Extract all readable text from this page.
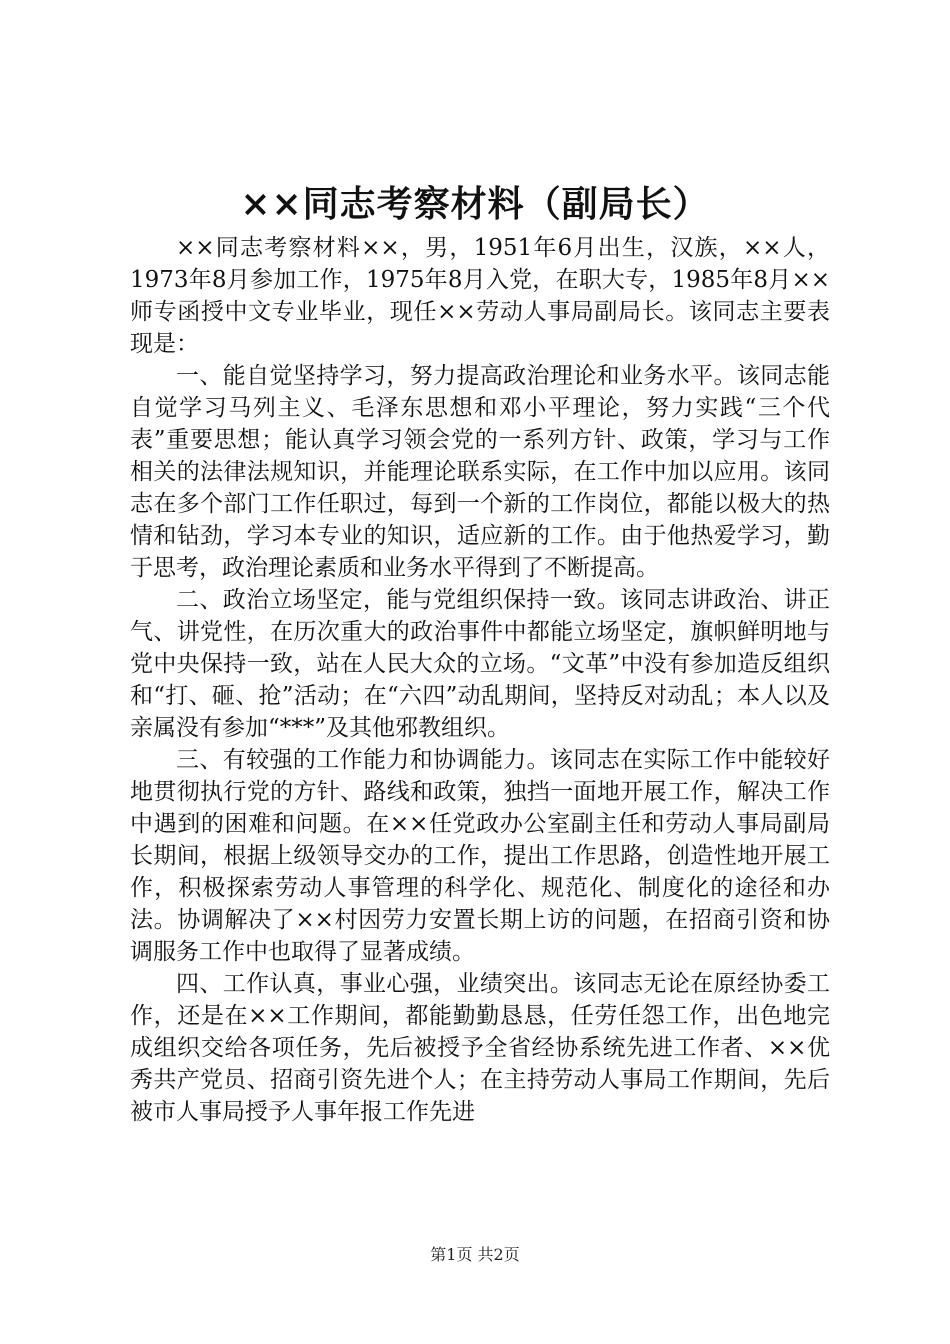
××同志考察材料（副局长）

××同志考察材料××，男，1951年6月出生，汉族，××人，1973年8月参加工作，1975年8月入党，在职大专，1985年8月××师专函授中文专业毕业，现任××劳动人事局副局长。该同志主要表现是：

一、能自觉坚持学习，努力提高政治理论和业务水平。该同志能自觉学习马列主义、毛泽东思想和邓小平理论，努力实践“三个代表”重要思想；能认真学习领会党的一系列方针、政策，学习与工作相关的法律法规知识，并能理论联系实际，在工作中加以应用。该同志在多个部门工作任职过，每到一个新的工作岗位，都能以极大的热情和钻劲，学习本专业的知识，适应新的工作。由于他热爱学习，勤于思考，政治理论素质和业务水平得到了不断提高。

二、政治立场坚定，能与党组织保持一致。该同志讲政治、讲正气、讲党性，在历次重大的政治事件中都能立场坚定，旗帜鲜明地与党中央保持一致，站在人民大众的立场。“文革”中没有参加造反组织和“打、砸、抢”活动；在“六四”动乱期间，坚持反对动乱；本人以及亲属没有参加“***”及其他邪教组织。

三、有较强的工作能力和协调能力。该同志在实际工作中能较好地贯彻执行党的方针、路线和政策，独挡一面地开展工作，解决工作中遇到的困难和问题。在××任党政办公室副主任和劳动人事局副局长期间，根据上级领导交办的工作，提出工作思路，创造性地开展工作，积极探索劳动人事管理的科学化、规范化、制度化的途径和办法。协调解决了××村因劳力安置长期上访的问题，在招商引资和协调服务工作中也取得了显著成绩。

四、工作认真，事业心强，业绩突出。该同志无论在原经协委工作，还是在××工作期间，都能勤勤恳恳，任劳任怨工作，出色地完成组织交给各项任务，先后被授予全省经协系统先进工作者、××优秀共产党员、招商引资先进个人；在主持劳动人事局工作期间，先后被市人事局授予人事年报工作先进

第1页 共2页
